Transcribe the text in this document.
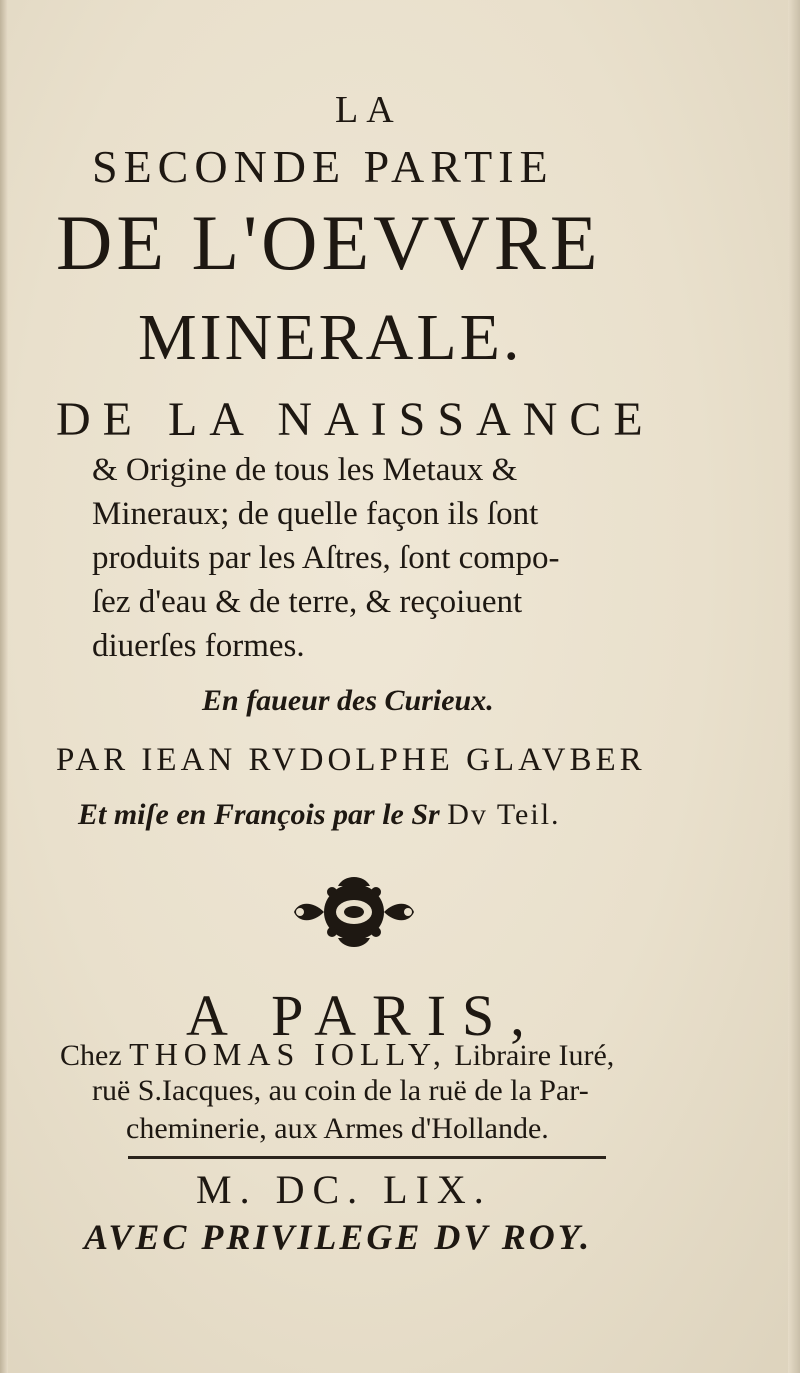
LA
SECONDE PARTIE
DE L'OEVVRE
MINERALE.
DE LA NAISSANCE
& Origine de tous les Metaux &
Mineraux; de quelle façon ils ſont
produits par les Aſtres, ſont compo-
ſez d'eau & de terre, & reçoiuent
diuerſes formes.
En faueur des Curieux.
PAR IEAN RVDOLPHE GLAVBER
Et miſe en François par le Sr Dv Teil.
A PARIS,
Chez THOMAS IOLLY, Libraire Iuré,
ruë S.Iacques, au coin de la ruë de la Par-
cheminerie, aux Armes d'Hollande.
M. DC. LIX.
AVEC PRIVILEGE DV ROY.
